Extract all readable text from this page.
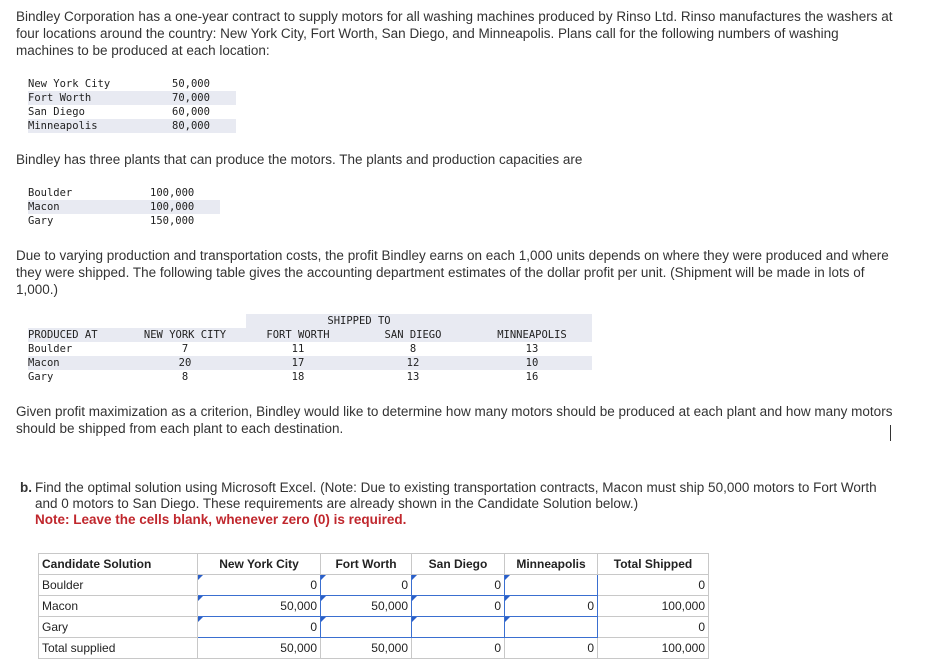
Bindley Corporation has a one-year contract to supply motors for all washing machines produced by Rinso Ltd. Rinso manufactures the washers at four locations around the country: New York City, Fort Worth, San Diego, and Minneapolis. Plans call for the following numbers of washing machines to be produced at each location:

New York City	50,000
Fort Worth	70,000
San Diego	60,000
Minneapolis	80,000

Bindley has three plants that can produce the motors. The plants and production capacities are

Boulder	100,000
Macon	100,000
Gary	150,000

Due to varying production and transportation costs, the profit Bindley earns on each 1,000 units depends on where they were produced and where they were shipped. The following table gives the accounting department estimates of the dollar profit per unit. (Shipment will be made in lots of 1,000.)

		SHIPPED TO		
PRODUCED AT	NEW YORK CITY	FORT WORTH	SAN DIEGO	MINNEAPOLIS
Boulder	7	11	8	13
Macon	20	17	12	10
Gary	8	18	13	16

Given profit maximization as a criterion, Bindley would like to determine how many motors should be produced at each plant and how many motors should be shipped from each plant to each destination.

b. Find the optimal solution using Microsoft Excel. (Note: Due to existing transportation contracts, Macon must ship 50,000 motors to Fort Worth and 0 motors to San Diego. These requirements are already shown in the Candidate Solution below.)
Note: Leave the cells blank, whenever zero (0) is required.
Candidate Solution	New York City	Fort Worth	San Diego	Minneapolis	Total Shipped
Boulder	0	0	0		0
Macon	50,000	50,000	0	0	100,000
Gary	0				0
Total supplied	50,000	50,000	0	0	100,000
